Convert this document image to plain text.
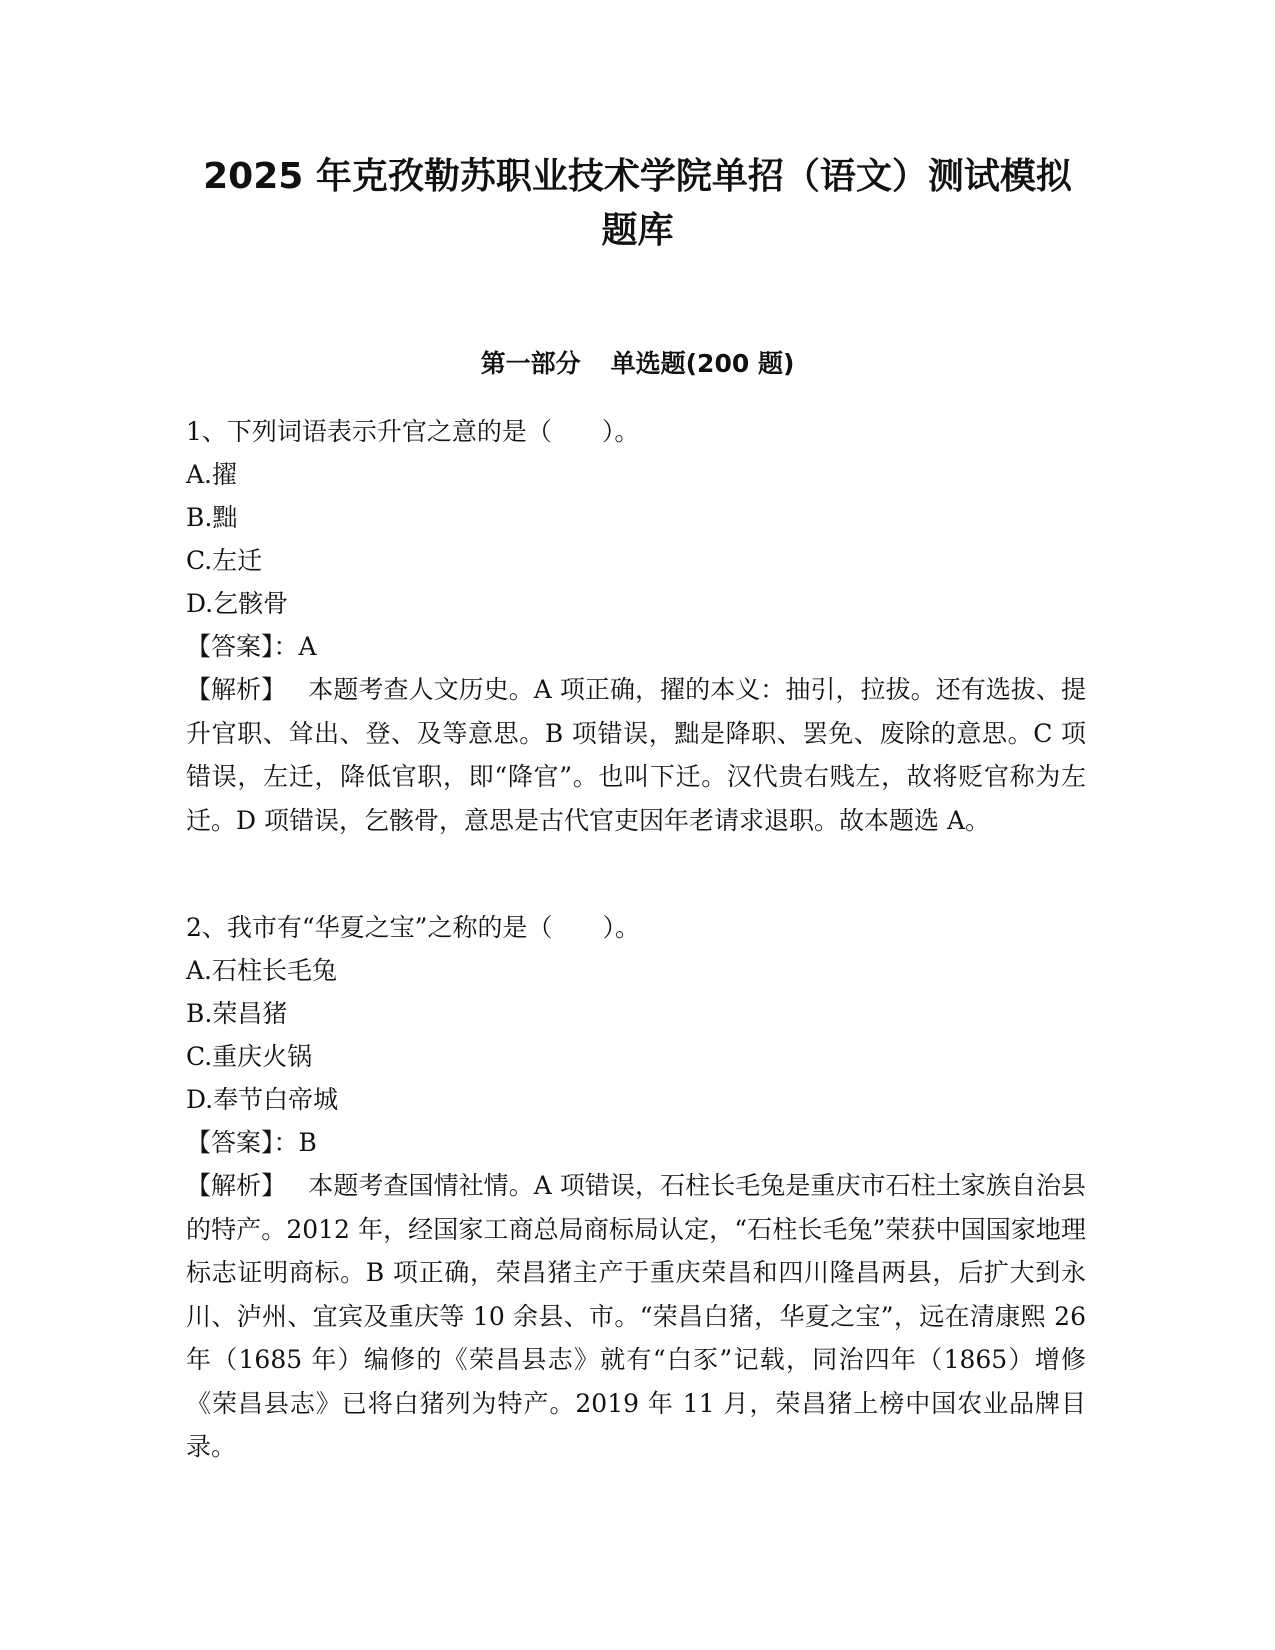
2025 年克孜勒苏职业技术学院单招（语文）测试模拟
题库
第一部分 单选题(200 题)
1、下列词语表示升官之意的是（　　）。
A.擢
B.黜
C.左迁
D.乞骸骨
【答案】：A
【解析】 本题考查人文历史。A 项正确，擢的本义：抽引，拉拔。还有选拔、提升官职、耸出、登、及等意思。B 项错误，黜是降职、罢免、废除的意思。C 项错误，左迁，降低官职，即“降官”。也叫下迁。汉代贵右贱左，故将贬官称为左迁。D 项错误，乞骸骨，意思是古代官吏因年老请求退职。故本题选 A。
2、我市有“华夏之宝”之称的是（　　）。
A.石柱长毛兔
B.荣昌猪
C.重庆火锅
D.奉节白帝城
【答案】：B
【解析】 本题考查国情社情。A 项错误，石柱长毛兔是重庆市石柱土家族自治县的特产。2012 年，经国家工商总局商标局认定，“石柱长毛兔”荣获中国国家地理标志证明商标。B 项正确，荣昌猪主产于重庆荣昌和四川隆昌两县，后扩大到永川、泸州、宜宾及重庆等 10 余县、市。“荣昌白猪，华夏之宝”，远在清康熙 26 年（1685 年）编修的《荣昌县志》就有“白豕”记载，同治四年（1865）增修《荣昌县志》已将白猪列为特产。2019 年 11 月，荣昌猪上榜中国农业品牌目录。
